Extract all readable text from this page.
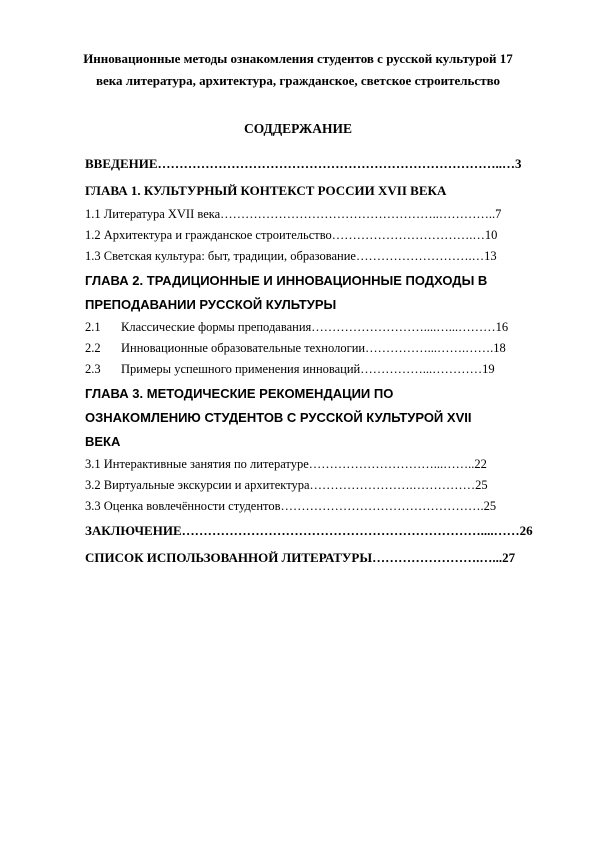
Инновационные методы ознакомления студентов с русской культурой 17
века литература, архитектура, гражданское, светское строительство
СОДДЕРЖАНИЕ
ВВЕДЕНИЕ……………………………………………………………………..…3
ГЛАВА 1. КУЛЬТУРНЫЙ КОНТЕКСТ РОССИИ XVII ВЕКА
1.1 Литература XVII века……………………………………………..…………..7
1.2 Архитектура и гражданское строительство…………………………….…10
1.3 Светская культура: быт, традиции, образование……………………….…13
ГЛАВА 2. ТРАДИЦИОННЫЕ И ИННОВАЦИОННЫЕ ПОДХОДЫ В
ПРЕПОДАВАНИИ РУССКОЙ КУЛЬТУРЫ
2.1 Классические формы преподавания………………………....…...………16
2.2 Инновационные образовательные технологии……………...…….…….18
2.3 Примеры успешного применения инноваций……………...…………19
ГЛАВА 3. МЕТОДИЧЕСКИЕ РЕКОМЕНДАЦИИ ПО
ОЗНАКОМЛЕНИЮ СТУДЕНТОВ С РУССКОЙ КУЛЬТУРОЙ XVII
ВЕКА
3.1 Интерактивные занятия по литературе…………………………...……..22
3.2 Виртуальные экскурсии и архитектура…………………….……………25
3.3 Оценка вовлечённости студентов………………………………………….25
ЗАКЛЮЧЕНИЕ……………………………………………………………....……26
СПИСОК ИСПОЛЬЗОВАННОЙ ЛИТЕРАТУРЫ…………………….…...27
